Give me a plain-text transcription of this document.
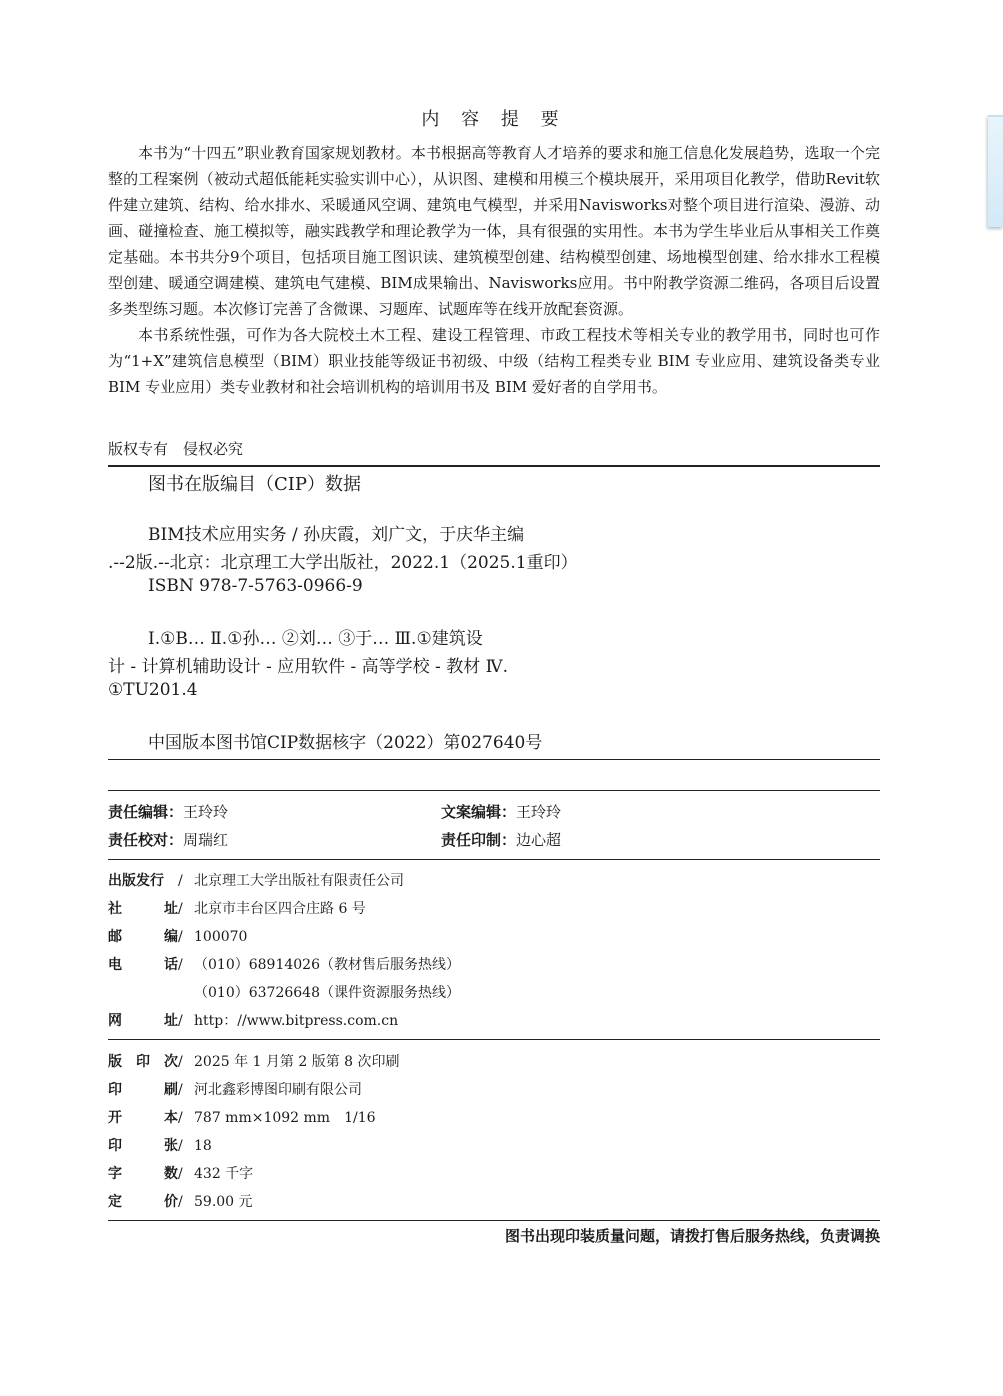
内 容 提 要

本书为“十四五”职业教育国家规划教材。本书根据高等教育人才培养的要求和施工信息化发展趋势，选取一个完整的工程案例（被动式超低能耗实验实训中心），从识图、建模和用模三个模块展开，采用项目化教学，借助Revit软件建立建筑、结构、给水排水、采暖通风空调、建筑电气模型，并采用Navisworks对整个项目进行渲染、漫游、动画、碰撞检查、施工模拟等，融实践教学和理论教学为一体，具有很强的实用性。本书为学生毕业后从事相关工作奠定基础。本书共分9个项目，包括项目施工图识读、建筑模型创建、结构模型创建、场地模型创建、给水排水工程模型创建、暖通空调建模、建筑电气建模、BIM成果输出、Navisworks应用。书中附教学资源二维码，各项目后设置多类型练习题。本次修订完善了含微课、习题库、试题库等在线开放配套资源。

本书系统性强，可作为各大院校土木工程、建设工程管理、市政工程技术等相关专业的教学用书，同时也可作为“1+X”建筑信息模型（BIM）职业技能等级证书初级、中级（结构工程类专业 BIM 专业应用、建筑设备类专业 BIM 专业应用）类专业教材和社会培训机构的培训用书及 BIM 爱好者的自学用书。

版权专有　侵权必究
图书在版编目（CIP）数据
BIM技术应用实务 / 孙庆霞，刘广文，于庆华主编
.--2版.--北京：北京理工大学出版社，2022.1（2025.1重印）
ISBN 978-7-5763-0966-9
Ⅰ.①B… Ⅱ.①孙… ②刘… ③于… Ⅲ.①建筑设
计 - 计算机辅助设计 - 应用软件 - 高等学校 - 教材 Ⅳ.
①TU201.4
中国版本图书馆CIP数据核字（2022）第027640号
责任编辑：王玲玲	文案编辑：王玲玲
责任校对：周瑞红	责任印制：边心超
出版发行	/ 北京理工大学出版社有限责任公司
社	址 / 北京市丰台区四合庄路 6 号
邮	编 / 100070
电	话 / （010）68914026（教材售后服务热线）
（010）63726648（课件资源服务热线）
网	址 / http：//www.bitpress.com.cn
版 印 次 / 2025 年 1 月第 2 版第 8 次印刷
印	刷 / 河北鑫彩博图印刷有限公司
开	本 / 787 mm×1092 mm　1/16
印	张 / 18
字	数 / 432 千字
定	价 / 59.00 元
图书出现印装质量问题，请拨打售后服务热线，负责调换
